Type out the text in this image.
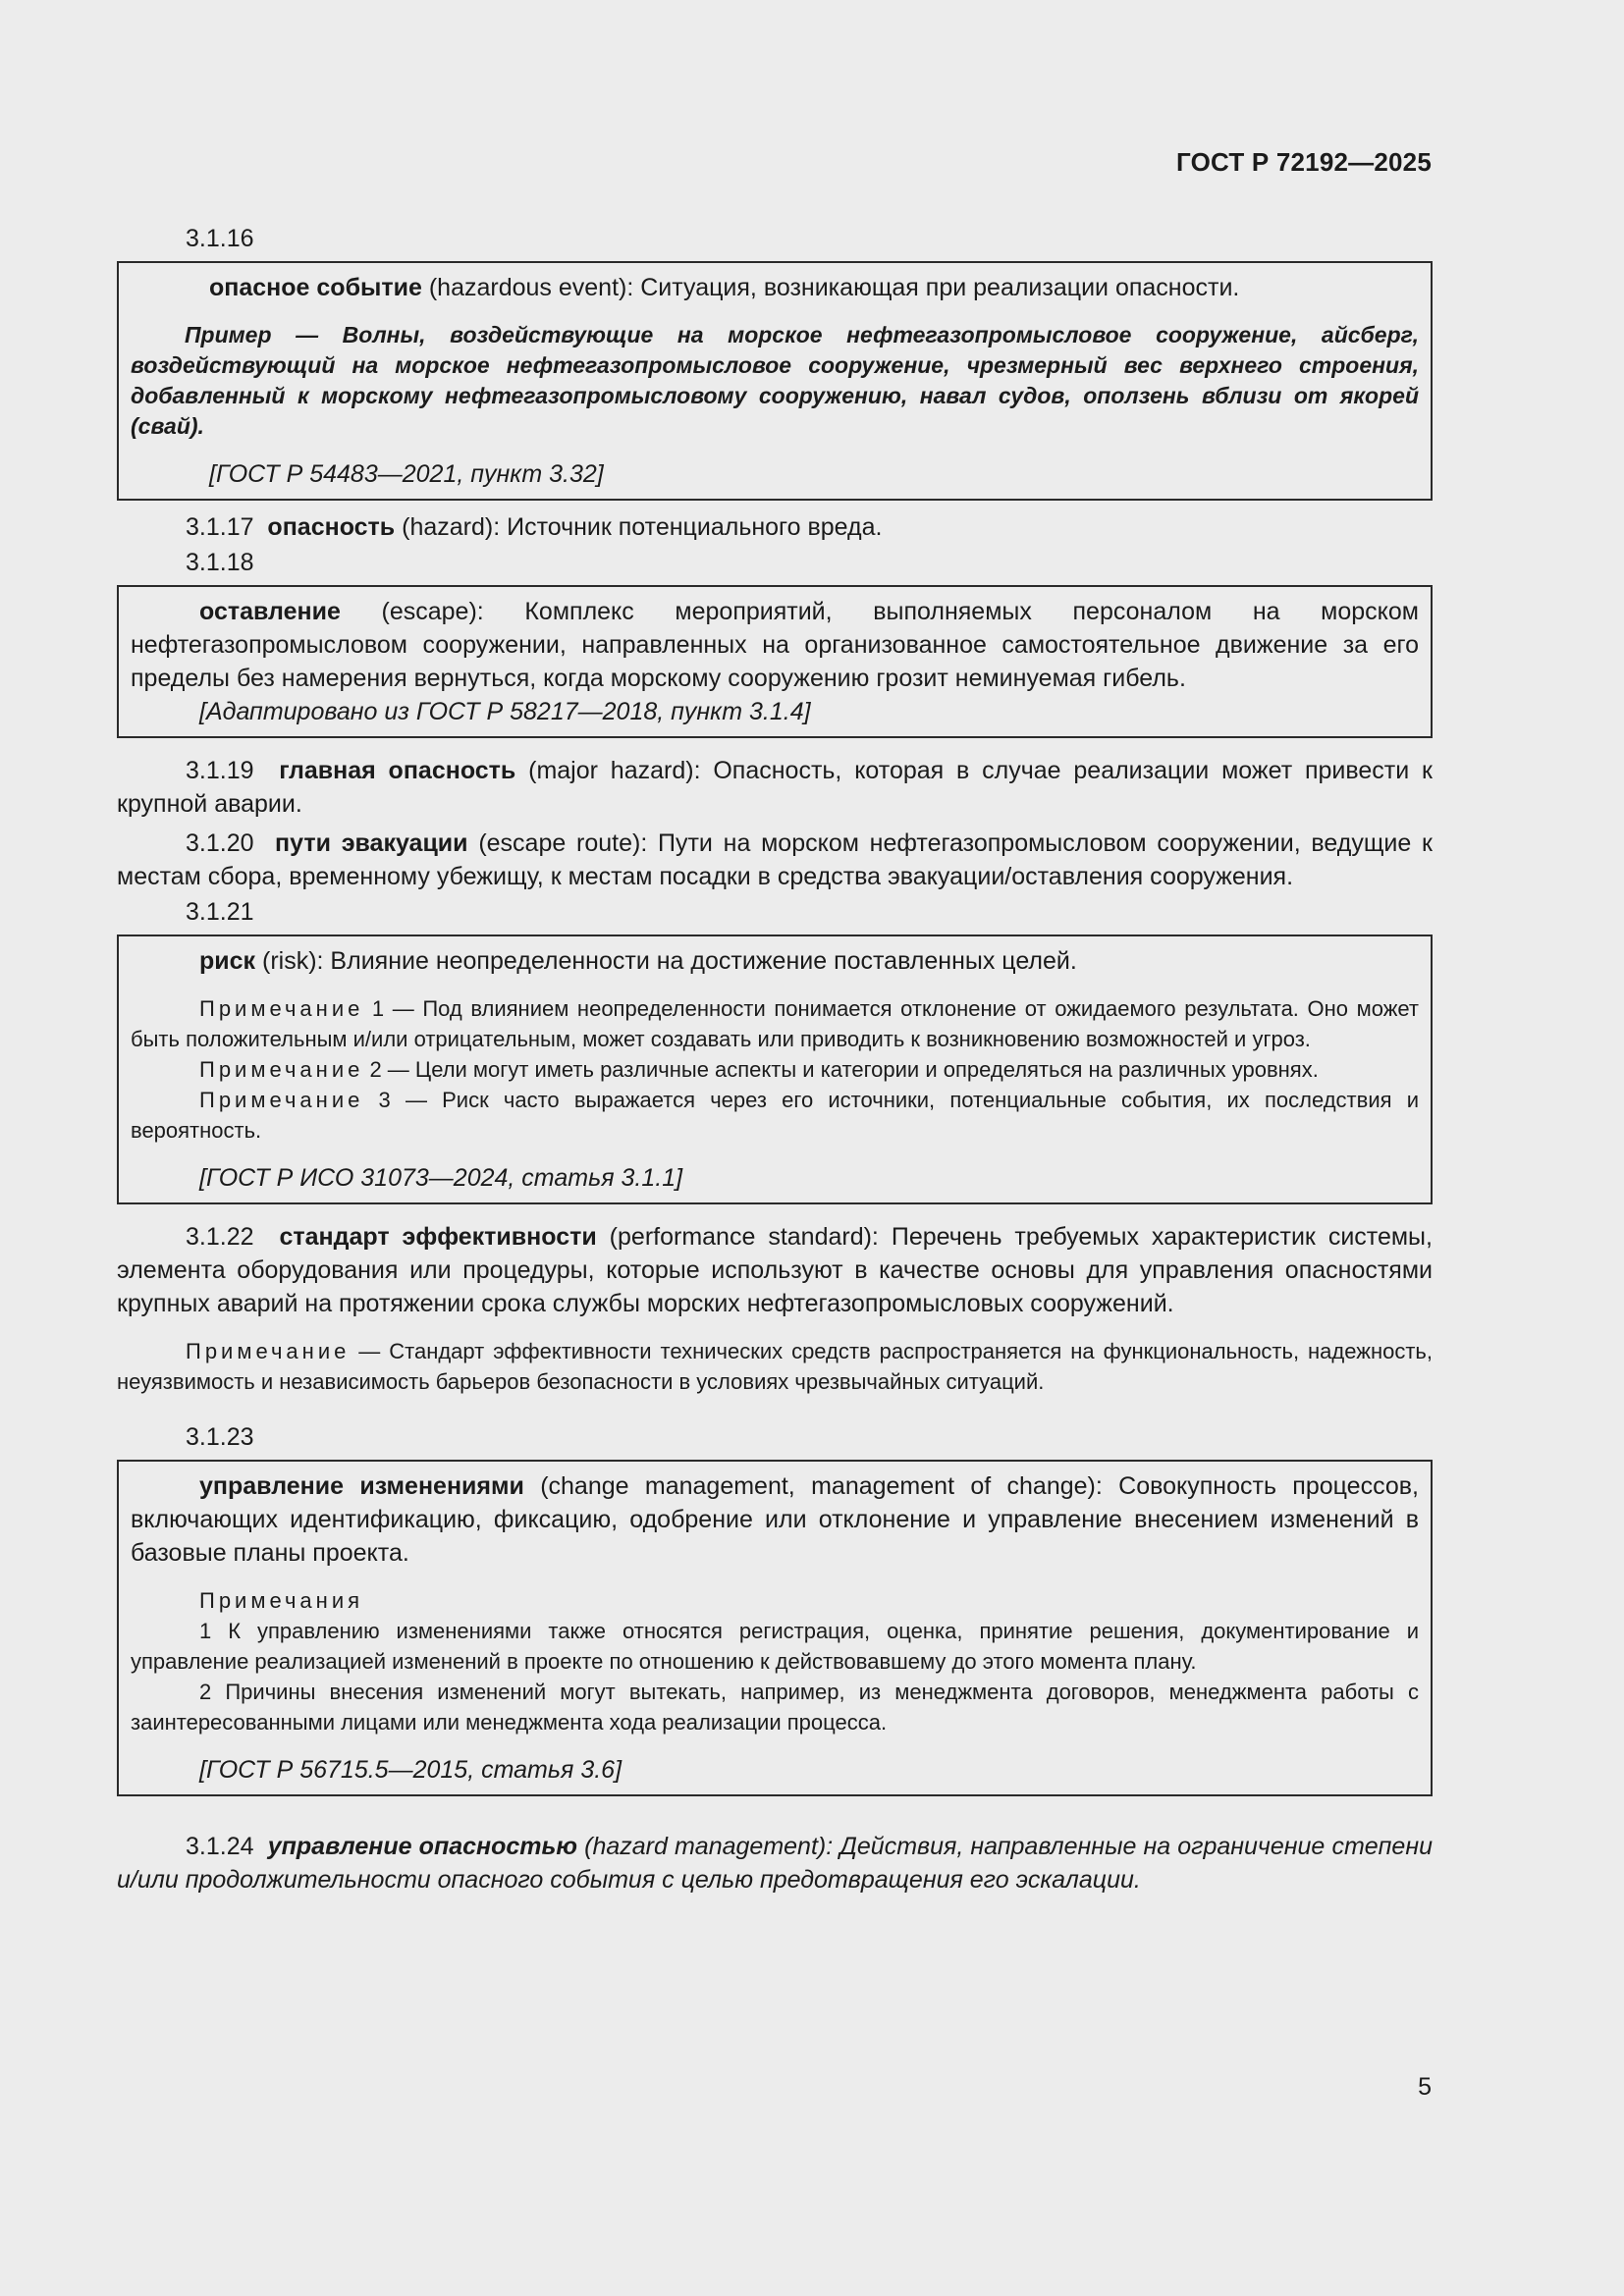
ГОСТ Р 72192—2025
3.1.16

опасное событие (hazardous event): Ситуация, возникающая при реализации опасности.

Пример — Волны, воздействующие на морское нефтегазопромысловое сооружение, айсберг, воздействующий на морское нефтегазопромысловое сооружение, чрезмерный вес верхнего строения, добавленный к морскому нефтегазопромысловому сооружению, навал судов, оползень вблизи от якорей (свай).

[ГОСТ Р 54483—2021, пункт 3.32]

3.1.17 опасность (hazard): Источник потенциального вреда.

3.1.18

оставление (escape): Комплекс мероприятий, выполняемых персоналом на морском нефтегазопромысловом сооружении, направленных на организованное самостоятельное движение за его пределы без намерения вернуться, когда морскому сооружению грозит неминуемая гибель.

[Адаптировано из ГОСТ Р 58217—2018, пункт 3.1.4]

3.1.19 главная опасность (major hazard): Опасность, которая в случае реализации может привести к крупной аварии.

3.1.20 пути эвакуации (escape route): Пути на морском нефтегазопромысловом сооружении, ведущие к местам сбора, временному убежищу, к местам посадки в средства эвакуации/оставления сооружения.

3.1.21

риск (risk): Влияние неопределенности на достижение поставленных целей.

Примечание 1 — Под влиянием неопределенности понимается отклонение от ожидаемого результата. Оно может быть положительным и/или отрицательным, может создавать или приводить к возникновению возможностей и угроз.

Примечание 2 — Цели могут иметь различные аспекты и категории и определяться на различных уровнях.

Примечание 3 — Риск часто выражается через его источники, потенциальные события, их последствия и вероятность.

[ГОСТ Р ИСО 31073—2024, статья 3.1.1]

3.1.22 стандарт эффективности (performance standard): Перечень требуемых характеристик системы, элемента оборудования или процедуры, которые используют в качестве основы для управления опасностями крупных аварий на протяжении срока службы морских нефтегазопромысловых сооружений.

Примечание — Стандарт эффективности технических средств распространяется на функциональность, надежность, неуязвимость и независимость барьеров безопасности в условиях чрезвычайных ситуаций.

3.1.23

управление изменениями (change management, management of change): Совокупность процессов, включающих идентификацию, фиксацию, одобрение или отклонение и управление внесением изменений в базовые планы проекта.

Примечания

1 К управлению изменениями также относятся регистрация, оценка, принятие решения, документирование и управление реализацией изменений в проекте по отношению к действовавшему до этого момента плану.

2 Причины внесения изменений могут вытекать, например, из менеджмента договоров, менеджмента работы с заинтересованными лицами или менеджмента хода реализации процесса.

[ГОСТ Р 56715.5—2015, статья 3.6]

3.1.24 управление опасностью (hazard management): Действия, направленные на ограничение степени и/или продолжительности опасного события с целью предотвращения его эскалации.

5
